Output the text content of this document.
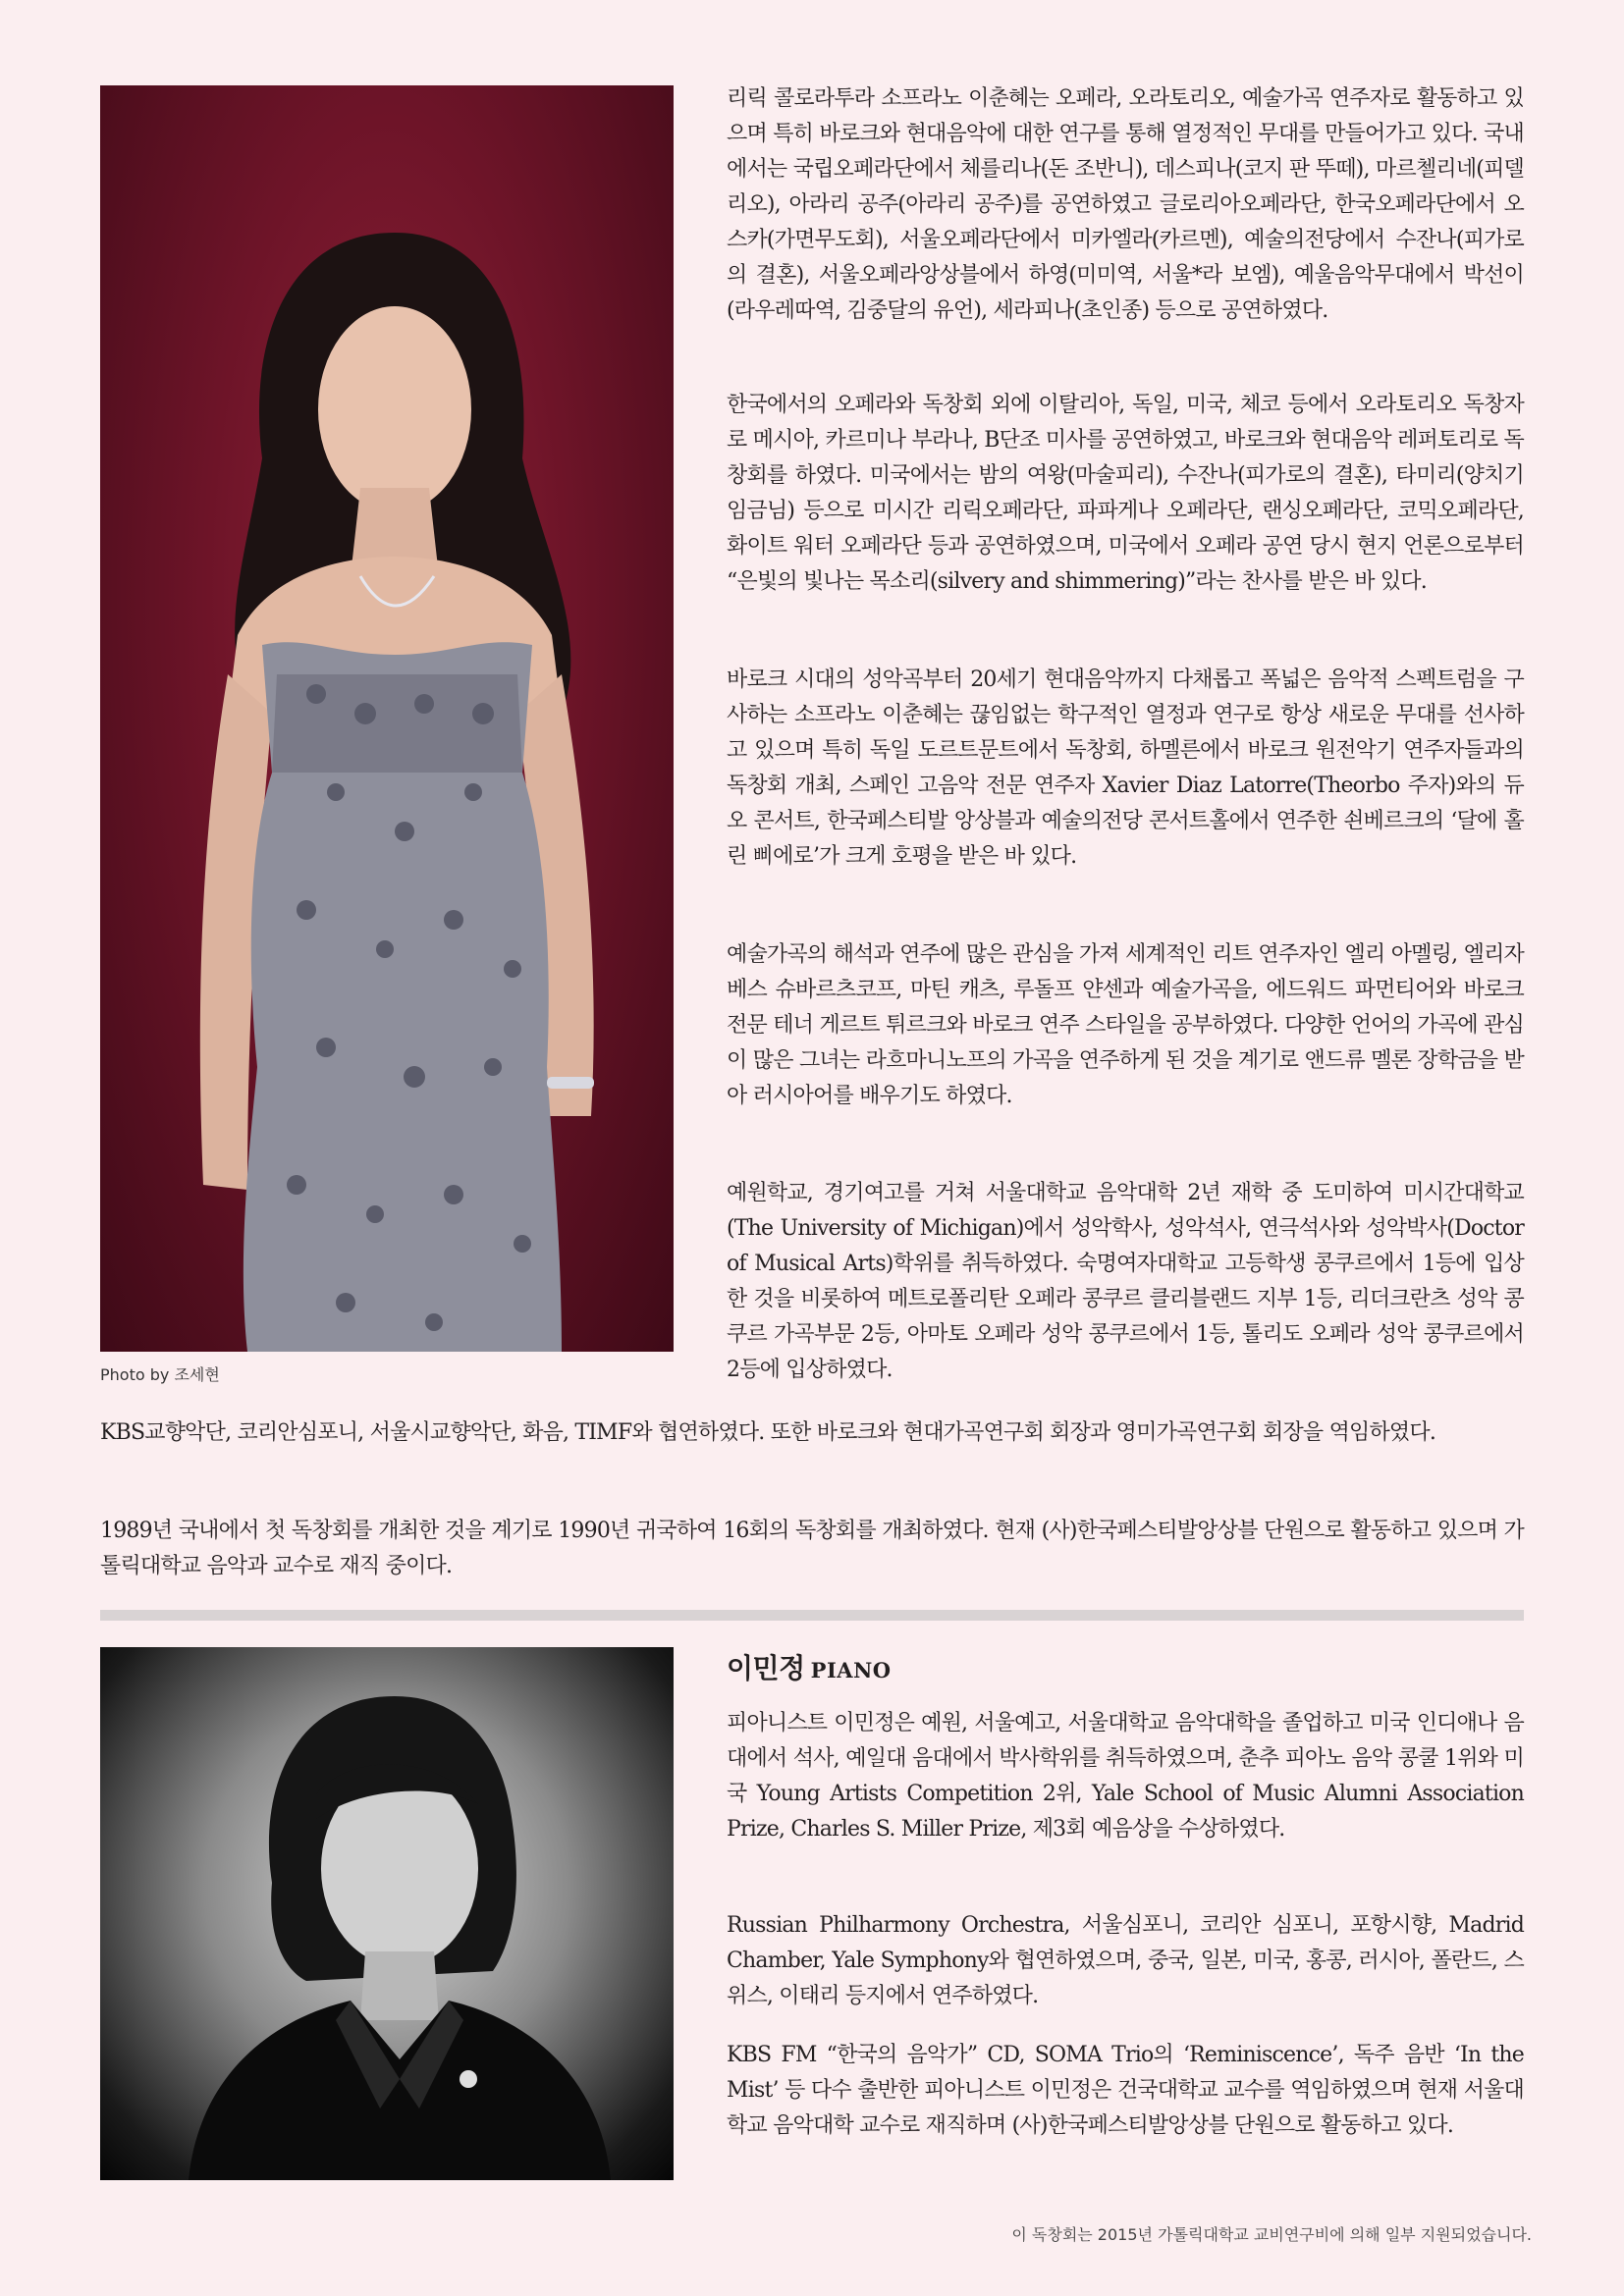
Photo by 조세현

리릭 콜로라투라 소프라노 이춘혜는 오페라, 오라토리오, 예술가곡 연주자로 활동하고 있으며 특히 바로크와 현대음악에 대한 연구를 통해 열정적인 무대를 만들어가고 있다. 국내에서는 국립오페라단에서 체를리나(돈 조반니), 데스피나(코지 판 뚜떼), 마르첼리네(피델리오), 아라리 공주(아라리 공주)를 공연하였고 글로리아오페라단, 한국오페라단에서 오스카(가면무도회), 서울오페라단에서 미카엘라(카르멘), 예술의전당에서 수잔나(피가로의 결혼), 서울오페라앙상블에서 하영(미미역, 서울*라 보엠), 예울음악무대에서 박선이(라우레따역, 김중달의 유언), 세라피나(초인종) 등으로 공연하였다.

한국에서의 오페라와 독창회 외에 이탈리아, 독일, 미국, 체코 등에서 오라토리오 독창자로 메시아, 카르미나 부라나, B단조 미사를 공연하였고, 바로크와 현대음악 레퍼토리로 독창회를 하였다. 미국에서는 밤의 여왕(마술피리), 수잔나(피가로의 결혼), 타미리(양치기 임금님) 등으로 미시간 리릭오페라단, 파파게나 오페라단, 랜싱오페라단, 코믹오페라단, 화이트 워터 오페라단 등과 공연하였으며, 미국에서 오페라 공연 당시 현지 언론으로부터 “은빛의 빛나는 목소리(silvery and shimmering)”라는 찬사를 받은 바 있다.

바로크 시대의 성악곡부터 20세기 현대음악까지 다채롭고 폭넓은 음악적 스펙트럼을 구사하는 소프라노 이춘혜는 끊임없는 학구적인 열정과 연구로 항상 새로운 무대를 선사하고 있으며 특히 독일 도르트문트에서 독창회, 하멜른에서 바로크 원전악기 연주자들과의 독창회 개최, 스페인 고음악 전문 연주자 Xavier Diaz Latorre(Theorbo 주자)와의 듀오 콘서트, 한국페스티발 앙상블과 예술의전당 콘서트홀에서 연주한 쇤베르크의 ‘달에 홀린 삐에로’가 크게 호평을 받은 바 있다.

예술가곡의 해석과 연주에 많은 관심을 가져 세계적인 리트 연주자인 엘리 아멜링, 엘리자베스 슈바르츠코프, 마틴 캐츠, 루돌프 얀센과 예술가곡을, 에드워드 파먼티어와 바로크 전문 테너 게르트 튀르크와 바로크 연주 스타일을 공부하였다. 다양한 언어의 가곡에 관심이 많은 그녀는 라흐마니노프의 가곡을 연주하게 된 것을 계기로 앤드류 멜론 장학금을 받아 러시아어를 배우기도 하였다.

예원학교, 경기여고를 거쳐 서울대학교 음악대학 2년 재학 중 도미하여 미시간대학교(The University of Michigan)에서 성악학사, 성악석사, 연극석사와 성악박사(Doctor of Musical Arts)학위를 취득하였다. 숙명여자대학교 고등학생 콩쿠르에서 1등에 입상한 것을 비롯하여 메트로폴리탄 오페라 콩쿠르 클리블랜드 지부 1등, 리더크란츠 성악 콩쿠르 가곡부문 2등, 아마토 오페라 성악 콩쿠르에서 1등, 톨리도 오페라 성악 콩쿠르에서 2등에 입상하였다.

KBS교향악단, 코리안심포니, 서울시교향악단, 화음, TIMF와 협연하였다. 또한 바로크와 현대가곡연구회 회장과 영미가곡연구회 회장을 역임하였다.

1989년 국내에서 첫 독창회를 개최한 것을 계기로 1990년 귀국하여 16회의 독창회를 개최하였다. 현재 (사)한국페스티발앙상블 단원으로 활동하고 있으며 가톨릭대학교 음악과 교수로 재직 중이다.

이민정 PIANO

피아니스트 이민정은 예원, 서울예고, 서울대학교 음악대학을 졸업하고 미국 인디애나 음대에서 석사, 예일대 음대에서 박사학위를 취득하였으며, 춘추 피아노 음악 콩쿨 1위와 미국 Young Artists Competition 2위, Yale School of Music Alumni Association Prize, Charles S. Miller Prize, 제3회 예음상을 수상하였다.

Russian Philharmony Orchestra, 서울심포니, 코리안 심포니, 포항시향, Madrid Chamber, Yale Symphony와 협연하였으며, 중국, 일본, 미국, 홍콩, 러시아, 폴란드, 스위스, 이태리 등지에서 연주하였다.

KBS FM “한국의 음악가” CD, SOMA Trio의 ‘Reminiscence’, 독주 음반 ‘In the Mist’ 등 다수 출반한 피아니스트 이민정은 건국대학교 교수를 역임하였으며 현재 서울대학교 음악대학 교수로 재직하며 (사)한국페스티발앙상블 단원으로 활동하고 있다.

이 독창회는 2015년 가톨릭대학교 교비연구비에 의해 일부 지원되었습니다.
